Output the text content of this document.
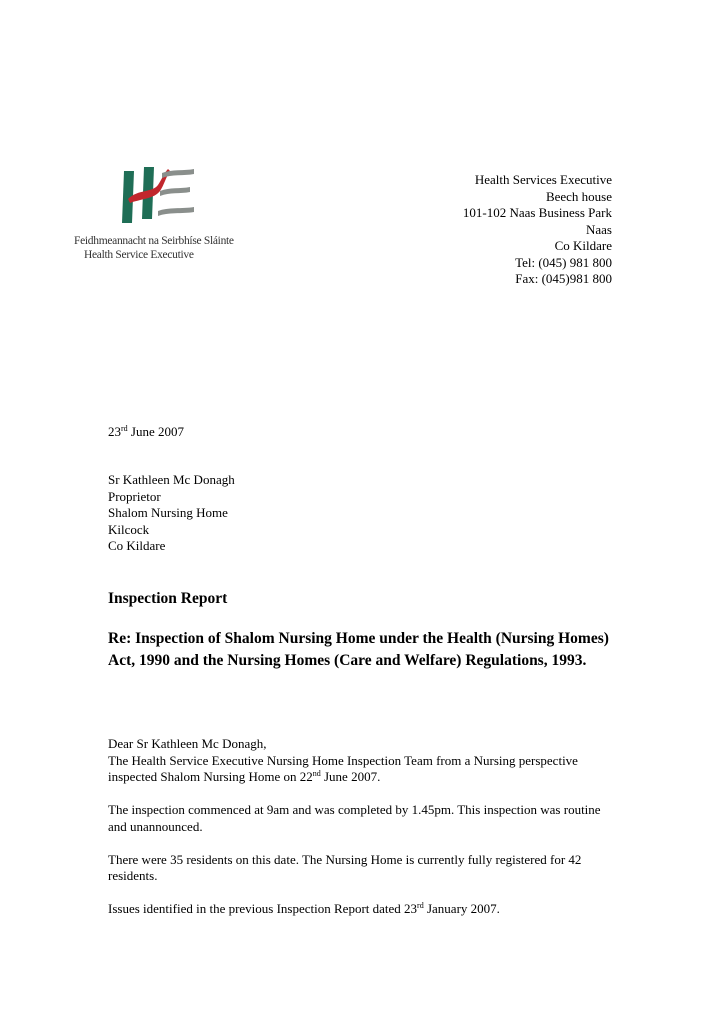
Feidhmeannacht na Seirbhíse Sláinte
Health Service Executive
Health Services Executive
Beech house
101-102 Naas Business Park
Naas
Co Kildare
Tel: (045) 981 800
Fax: (045)981 800
23rd June 2007
Sr Kathleen Mc Donagh
Proprietor
Shalom Nursing Home
Kilcock
Co Kildare
Inspection Report
Re: Inspection of Shalom Nursing Home under the Health (Nursing Homes) Act, 1990 and the Nursing Homes (Care and Welfare) Regulations, 1993.
Dear Sr Kathleen Mc Donagh,

The Health Service Executive Nursing Home Inspection Team from a Nursing perspective inspected Shalom Nursing Home on 22nd June 2007.

The inspection commenced at 9am and was completed by 1.45pm. This inspection was routine and unannounced.

There were 35 residents on this date. The Nursing Home is currently fully registered for 42 residents.

Issues identified in the previous Inspection Report dated 23rd January 2007.
